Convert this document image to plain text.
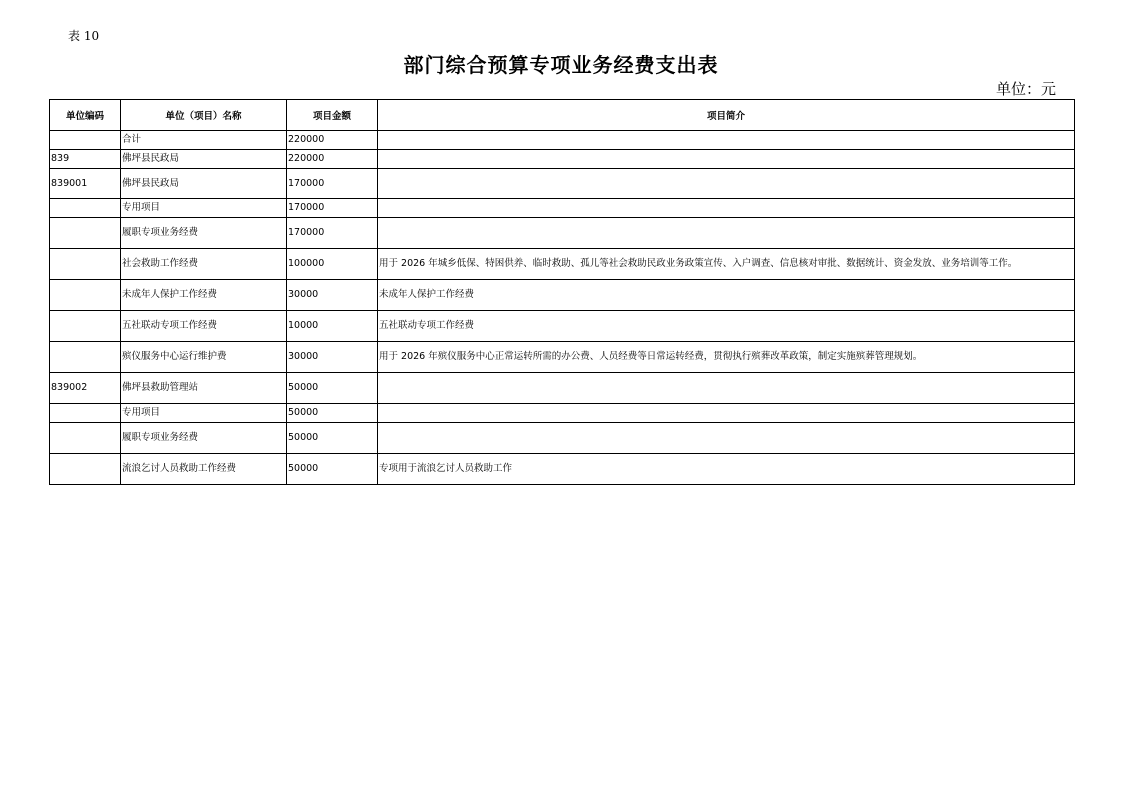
表 10
部门综合预算专项业务经费支出表
单位：元
单位编码	单位（项目）名称	项目金额	项目简介
	合计	220000	
839	佛坪县民政局	220000	
839001	佛坪县民政局	170000	
	专用项目	170000	
	履职专项业务经费	170000	
	社会救助工作经费	100000	用于 2026 年城乡低保、特困供养、临时救助、孤儿等社会救助民政业务政策宣传、入户调查、信息核对审批、数据统计、资金发放、业务培训等工作。
	未成年人保护工作经费	30000	未成年人保护工作经费
	五社联动专项工作经费	10000	五社联动专项工作经费
	殡仪服务中心运行维护费	30000	用于 2026 年殡仪服务中心正常运转所需的办公费、人员经费等日常运转经费，贯彻执行殡葬改革政策，制定实施殡葬管理规划。
839002	佛坪县救助管理站	50000	
	专用项目	50000	
	履职专项业务经费	50000	
	流浪乞讨人员救助工作经费	50000	专项用于流浪乞讨人员救助工作
